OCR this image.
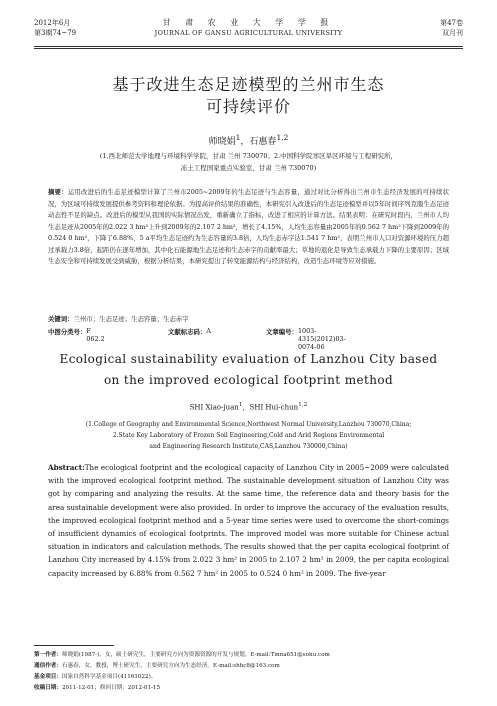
2012年6月
第3期74~79
甘 肃 农 业 大 学 学 报
JOURNAL OF GANSU AGRICULTURAL UNIVERSITY
第47卷
双月刊
基于改进生态足迹模型的兰州市生态
可持续评价
师晓娟$^1$，石惠春$^{1,2}$
(1.西北师范大学地理与环境科学学院，甘肃 兰州 730070；2.中国科学院寒区旱区环境与工程研究所，
冻土工程国家重点实验室，甘肃 兰州 730070)
摘要：运用改进后的生态足迹模型计算了兰州市2005~2009年的生态足迹与生态容量，通过对比分析得出兰州市生态经济发展的可持续状况，为区域可持续发展提供参考资料和理论依据。为提高评价结果的准确性，本研究引入改进后的生态足迹模型并以5年时间序列克服生态足迹动态性不足的缺点。改进后的模型从我国的实际情况出发，重新确立了指标，改进了相应的计算方法。结果表明：在研究时段内，兰州市人均生态足迹从2005年的2.022 3 hm²上升到2009年的2.107 2 hm²，增长了4.15%，人均生态容量由2005年的0.562 7 hm²下降到2009年的0.524 0 hm²，下降了6.88%，5 a平均生态足迹约为生态容量的3.8倍，人均生态赤字达1.541 7 hm²，表明兰州市人口对资源环境的压力超过承载力3.8倍，起距仍在逐年增加，其中化石能源地生态足迹和生态赤字的贡献率最大；草地的退化是导致生态承载力下降的主要原因；区域生态安全和可持续发展受到威胁，根据分析结果，本研究提出了转变能源结构与经济结构，改造生态环境等应对措施。
关键词：兰州市；生态足迹；生态容量；生态赤字
中图分类号： F 062.2
文献标志码： A	文章编号： 1003-4315(2012)03-0074-06
Ecological sustainability evaluation of Lanzhou City based
on the improved ecological footprint method
SHI Xiao-juan$^1$，SHI Hui-chun$^{1,2}$
(1.College of Geography and Environmental Science,Northwest Normal University,Lanzhou 730070,China;
2.State Key Laboratory of Frozen Soil Engineering,Cold and Arid Regions Environmental
and Engineering Research Institute,CAS,Lanzhou 730000,China)
Abstract:The ecological footprint and the ecological capacity of Lanzhou City in 2005~2009 were calculated with the improved ecological footprint method. The sustainable development situation of Lanzhou City was got by comparing and analyzing the results. At the same time, the reference data and theory basis for the area sustainable development were also provided. In order to improve the accuracy of the evaluation results, the improved ecological footprint method and a 5-year time series were used to overcome the short-comings of insufficient dynamics of ecological footprints. The improved model was more suitable for Chinese actual situation in indicators and calculation methods. The results showed that the per capita ecological footprint of Lanzhou City increased by 4.15% from 2.022 3 hm² in 2005 to 2.107 2 hm² in 2009, the per capita ecological capacity increased by 6.88% from 0.562 7 hm² in 2005 to 0.524 0 hm² in 2009. The five-year
第一作者：师晓娟(1987-)，女，硕士研究生，主要研究方向为资源资源的开发与规划。E-mail:Tinna651@sohu.com
通信作者：石惠春，女，教授，博士研究生，主要研究方向为生态经济。E-mail:shhc8@163.com
基金项目：国家自然科学基金项目(41161022)。
收稿日期：2011-12-01；修回日期：2012-01-15
